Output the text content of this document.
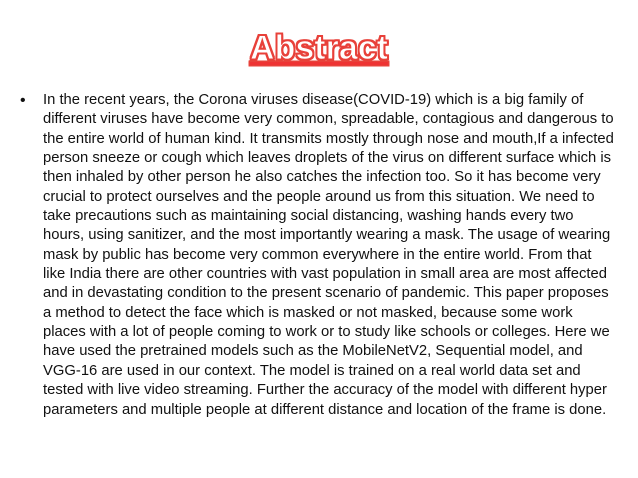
Abstract
• In the recent years, the Corona viruses disease(COVID-19) which is a big family of different viruses have become very common, spreadable, contagious and dangerous to the entire world of human kind. It transmits mostly through nose and mouth,If a infected person sneeze or cough which leaves droplets of the virus on different surface which is then inhaled by other person he also catches the infection too. So it has become very crucial to protect ourselves and the people around us from this situation. We need to take precautions such as maintaining social distancing, washing hands every two hours, using sanitizer, and the most importantly wearing a mask. The usage of wearing mask by public has become very common everywhere in the entire world. From that like India there are other countries with vast population in small area are most affected and in devastating condition to the present scenario of pandemic. This paper proposes a method to detect the face which is masked or not masked, because some work places with a lot of people coming to work or to study like schools or colleges. Here we have used the pretrained models such as the MobileNetV2, Sequential model, and VGG-16 are used in our context. The model is trained on a real world data set and tested with live video streaming. Further the accuracy of the model with different hyper parameters and multiple people at different distance and location of the frame is done.
